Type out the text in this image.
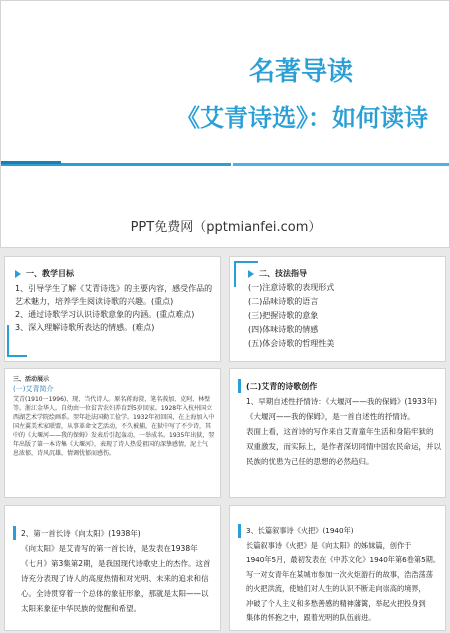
名著导读
《艾青诗选》：如何读诗
PPT免费网（pptmianfei.com）

一、教学目标

1、引导学生了解《艾青诗选》的主要内容，感受作品的

艺术魅力，培养学生阅读诗歌的兴趣。(重点)

2、通过诗歌学习认识诗歌意象的内涵。(重点难点)

3、深入理解诗歌所表达的情感。(难点)

二、技法指导

(一)注意诗歌的表现形式

(二)品味诗歌的语言

(三)把握诗歌的意象

(四)体味诗歌的情感

(五)体会诗歌的哲理性美

三、活动展示

(一)艾青简介

艾青(1910一1996)，现、当代诗人。原名蒋海澄，笔名莪加、克阿、林壁

等。浙江金华人。自幼由一位贫苦农妇养育到5岁回家。1928年入杭州国立

西湖艺术学院绘画系。翌年赴法国勤工俭学。1932年初回国，在上海加入中

国左翼美术家联盟，从事革命文艺活动，不久被捕，在狱中写了不少诗，其

中的《大堰河——我的保姆》发表后引起轰动，一举成名。1935年出狱，翌

年出版了第一本诗集《大堰河》，表现了诗人热爱祖国的深挚感情，泥土气

息浓郁，诗风沉雄，情调忧郁而感伤。

(二)艾青的诗歌创作

1、早期自述性抒情诗：《大堰河——我的保姆》(1933年)

《大堰河——我的保姆》，是一首自述性的抒情诗。

表面上看，这首诗的写作来自艾青童年生活和身陷牢狱的

双重激发，而实际上，是作者深切同情中国农民命运，并以

民族的忧患为己任的思想的必然趋归。

2、第一首长诗《向太阳》(1938年)

《向太阳》是艾青写的第一首长诗，是发表在1938年

《七月》第3集第2期，是我国现代诗歌史上的杰作。这首

诗充分表现了诗人的高度热情和对光明、未来的追求和信

心。全诗贯穿着一个总体的象征形象，那就是太阳——以

太阳来象征中华民族的觉醒和希望。

3、长篇叙事诗《火把》(1940年)

长篇叙事诗《火把》是《向太阳》的姊妹篇，创作于

1940年5月，最初发表在《中苏文化》1940年第6卷第5期。

写一对女青年在某城市参加一次火炬游行的故事，浩浩荡荡

的火把洪流，使她们对人生的认识不断走向崇高的境界，

冲破了个人主义和多愁善感的精神藩篱，举起火把投身到

集体的怀抱之中，跟着光明的队伍前进。
